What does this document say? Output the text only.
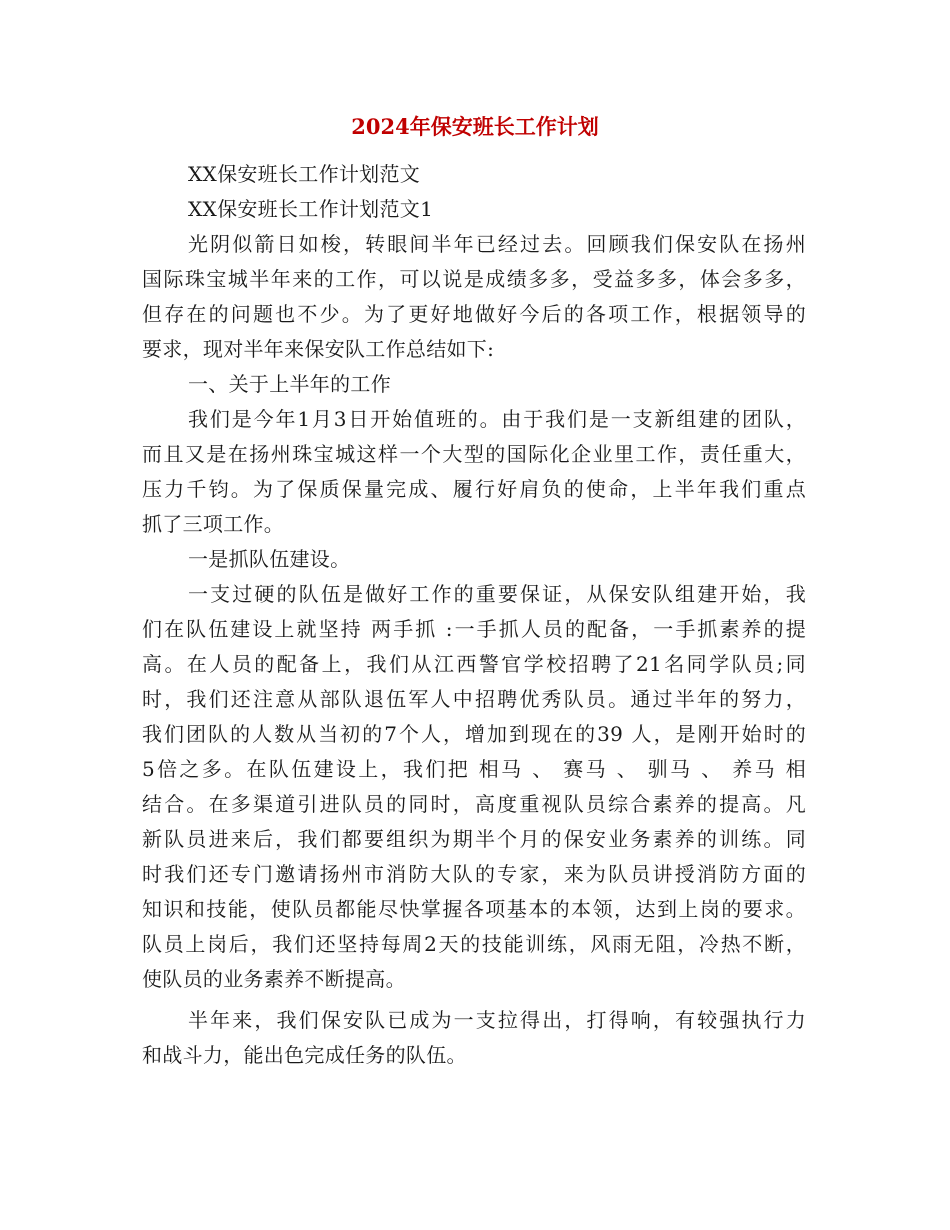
2024年保安班长工作计划
XX保安班长工作计划范文
XX保安班长工作计划范文1
光阴似箭日如梭，转眼间半年已经过去。回顾我们保安队在扬州
国际珠宝城半年来的工作，可以说是成绩多多，受益多多，体会多多，
但存在的问题也不少。为了更好地做好今后的各项工作，根据领导的
要求，现对半年来保安队工作总结如下:
一、关于上半年的工作
我们是今年1月3日开始值班的。由于我们是一支新组建的团队，
而且又是在扬州珠宝城这样一个大型的国际化企业里工作，责任重大，
压力千钧。为了保质保量完成、履行好肩负的使命，上半年我们重点
抓了三项工作。
一是抓队伍建设。
一支过硬的队伍是做好工作的重要保证，从保安队组建开始，我
们在队伍建设上就坚持 两手抓 :一手抓人员的配备，一手抓素养的提
高。在人员的配备上，我们从江西警官学校招聘了21名同学队员;同
时，我们还注意从部队退伍军人中招聘优秀队员。通过半年的努力，
我们团队的人数从当初的7个人，增加到现在的39 人，是刚开始时的
5倍之多。在队伍建设上，我们把 相马 、 赛马 、 驯马 、 养马 相
结合。在多渠道引进队员的同时，高度重视队员综合素养的提高。凡
新队员进来后，我们都要组织为期半个月的保安业务素养的训练。同
时我们还专门邀请扬州市消防大队的专家，来为队员讲授消防方面的
知识和技能，使队员都能尽快掌握各项基本的本领，达到上岗的要求。
队员上岗后，我们还坚持每周2天的技能训练，风雨无阻，冷热不断，
使队员的业务素养不断提高。
半年来，我们保安队已成为一支拉得出，打得响，有较强执行力
和战斗力，能出色完成任务的队伍。
